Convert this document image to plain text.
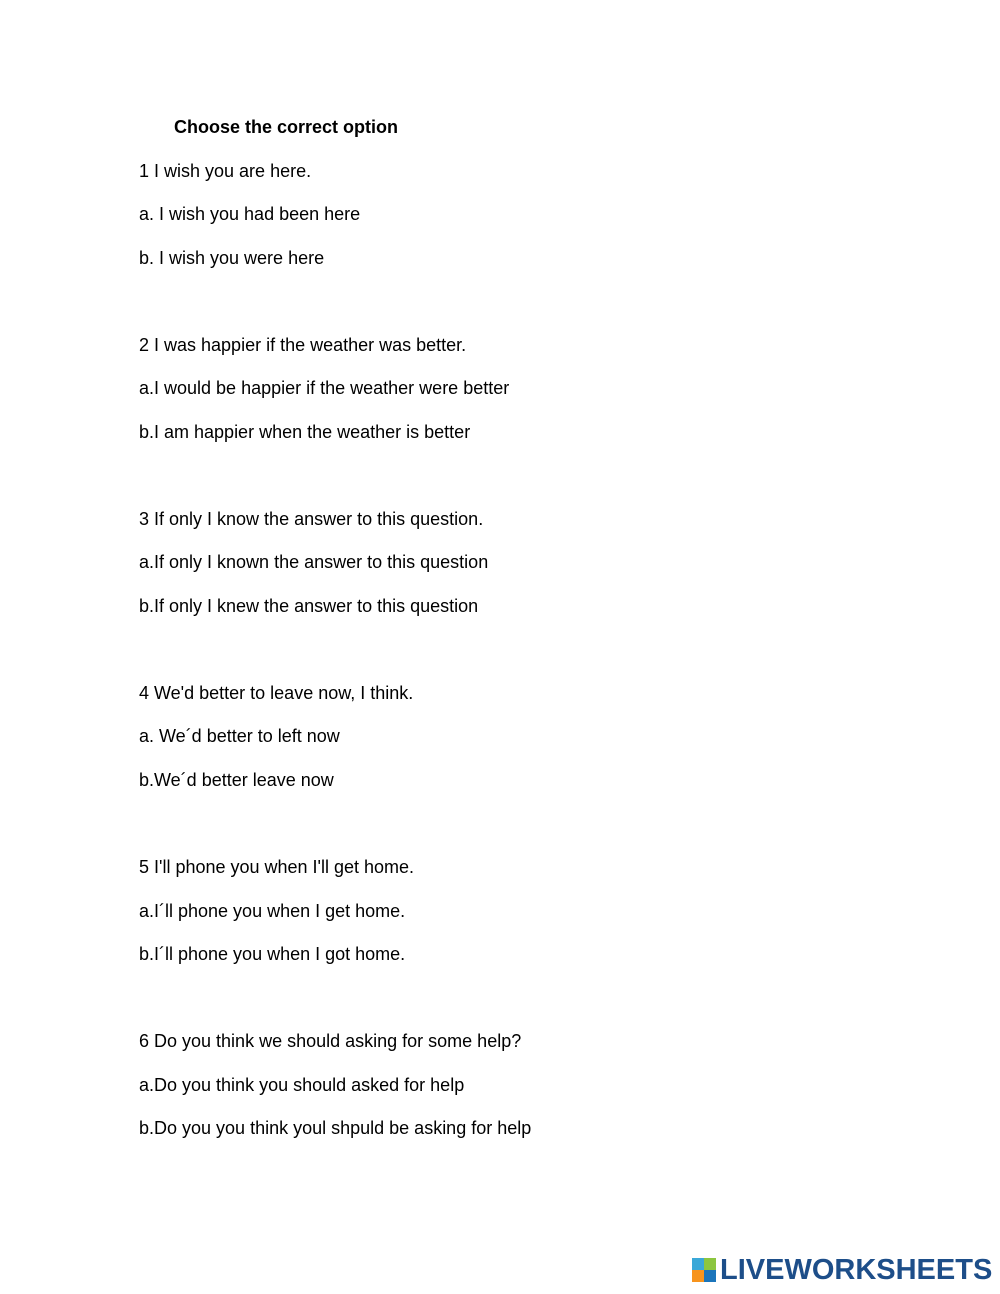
Choose the correct option
1 I wish you are here.
a. I wish you had been here
b. I wish you were here
2 I was happier if the weather was better.
a.I would be happier if the weather were better
b.I am happier when the weather is better
3 If only I know the answer to this question.
a.If only I known the answer to this question
b.If only I knew the answer to this question
4 We'd better to leave now, I think.
a. We´d better to left now
b.We´d better leave now
5 I'll phone you when I'll get home.
a.I´ll phone you when I get home.
b.I´ll phone you when I got home.
6 Do you think we should asking for some help?
a.Do you think you should asked for help
b.Do you you think youl shpuld be asking for help
LIVEWORKSHEETS
